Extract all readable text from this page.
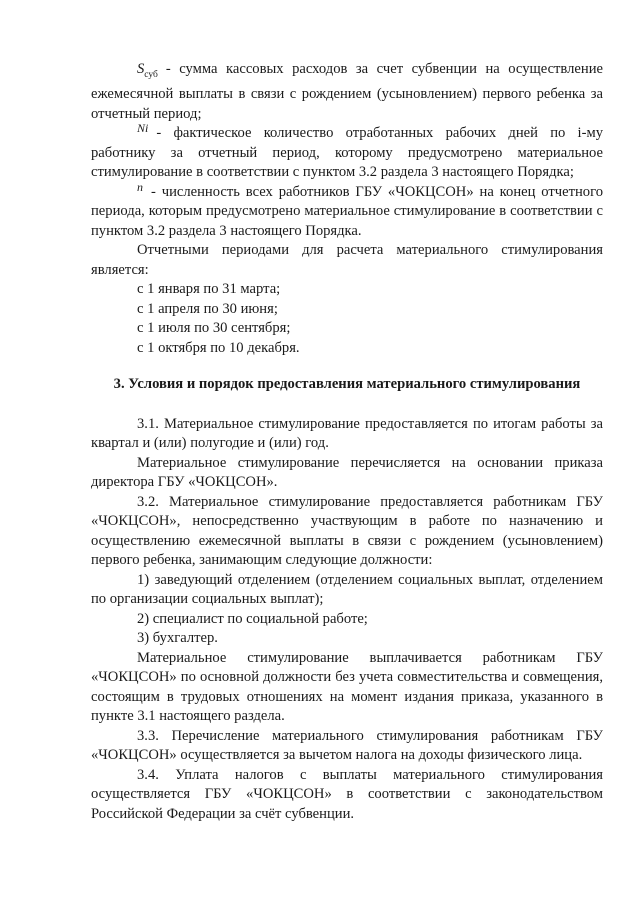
$S_{суб}$ - сумма кассовых расходов за счет субвенции на осуществление ежемесячной выплаты в связи с рождением (усыновлением) первого ребенка за отчетный период;

Ni - фактическое количество отработанных рабочих дней по i-му работнику за отчетный период, которому предусмотрено материальное стимулирование в соответствии с пунктом 3.2 раздела 3 настоящего Порядка;

n - численность всех работников ГБУ «ЧОКЦСОН» на конец отчетного периода, которым предусмотрено материальное стимулирование в соответствии с пунктом 3.2 раздела 3 настоящего Порядка.

Отчетными периодами для расчета материального стимулирования является:

с 1 января по 31 марта;

с 1 апреля по 30 июня;

с 1 июля по 30 сентября;

с 1 октября по 10 декабря.

3. Условия и порядок предоставления материального стимулирования

3.1. Материальное стимулирование предоставляется по итогам работы за квартал и (или) полугодие и (или) год.

Материальное стимулирование перечисляется на основании приказа директора ГБУ «ЧОКЦСОН».

3.2. Материальное стимулирование предоставляется работникам ГБУ «ЧОКЦСОН», непосредственно участвующим в работе по назначению и осуществлению ежемесячной выплаты в связи с рождением (усыновлением) первого ребенка, занимающим следующие должности:

1) заведующий отделением (отделением социальных выплат, отделением по организации социальных выплат);

2) специалист по социальной работе;

3) бухгалтер.

Материальное стимулирование выплачивается работникам ГБУ «ЧОКЦСОН» по основной должности без учета совместительства и совмещения, состоящим в трудовых отношениях на момент издания приказа, указанного в пункте 3.1 настоящего раздела.

3.3. Перечисление материального стимулирования работникам ГБУ «ЧОКЦСОН» осуществляется за вычетом налога на доходы физического лица.

3.4. Уплата налогов с выплаты материального стимулирования осуществляется ГБУ «ЧОКЦСОН» в соответствии с законодательством Российской Федерации за счёт субвенции.
